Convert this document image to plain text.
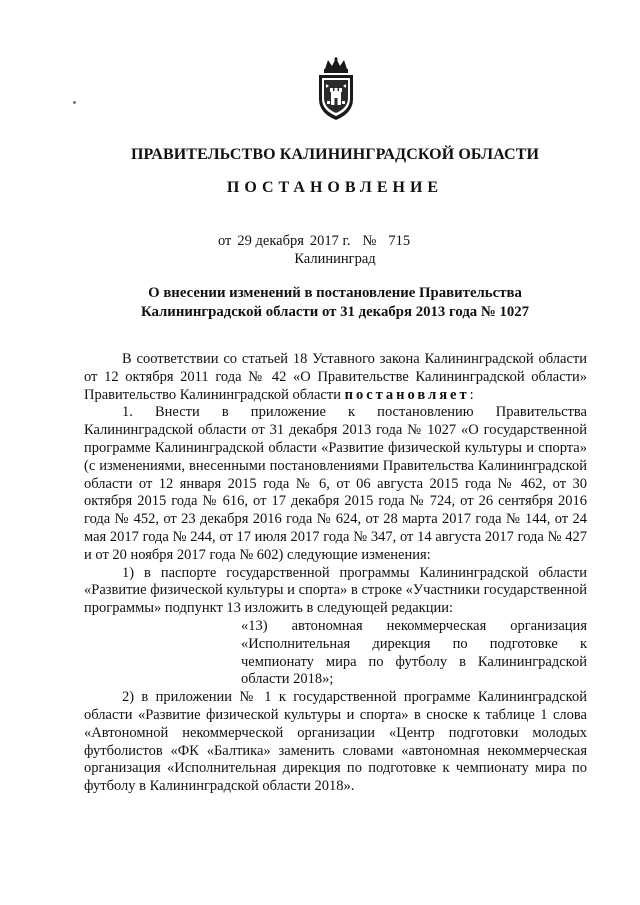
ПРАВИТЕЛЬСТВО КАЛИНИНГРАДСКОЙ ОБЛАСТИ
ПОСТАНОВЛЕНИЕ
от 29 декабря 2017 г. № 715
Калининград
О внесении изменений в постановление Правительства
Калининградской области от 31 декабря 2013 года № 1027

В соответствии со статьей 18 Уставного закона Калининградской области от 12 октября 2011 года № 42 «О Правительстве Калининградской области» Правительство Калининградской области постановляет:

1. Внести в приложение к постановлению Правительства Калининградской области от 31 декабря 2013 года № 1027 «О государственной программе Калининградской области «Развитие физической культуры и спорта» (с изменениями, внесенными постановлениями Правительства Калининградской области от 12 января 2015 года № 6, от 06 августа 2015 года № 462, от 30 октября 2015 года № 616, от 17 декабря 2015 года № 724, от 26 сентября 2016 года № 452, от 23 декабря 2016 года № 624, от 28 марта 2017 года № 144, от 24 мая 2017 года № 244, от 17 июля 2017 года № 347, от 14 августа 2017 года № 427 и от 20 ноября 2017 года № 602) следующие изменения:

1) в паспорте государственной программы Калининградской области «Развитие физической культуры и спорта» в строке «Участники государственной программы» подпункт 13 изложить в следующей редакции:

«13) автономная некоммерческая организация «Исполнительная дирекция по подготовке к чемпионату мира по футболу в Калининградской области 2018»;

2) в приложении № 1 к государственной программе Калининградской области «Развитие физической культуры и спорта» в сноске к таблице 1 слова «Автономной некоммерческой организации «Центр подготовки молодых футболистов «ФК «Балтика» заменить словами «автономная некоммерческая организация «Исполнительная дирекция по подготовке к чемпионату мира по футболу в Калининградской области 2018».
